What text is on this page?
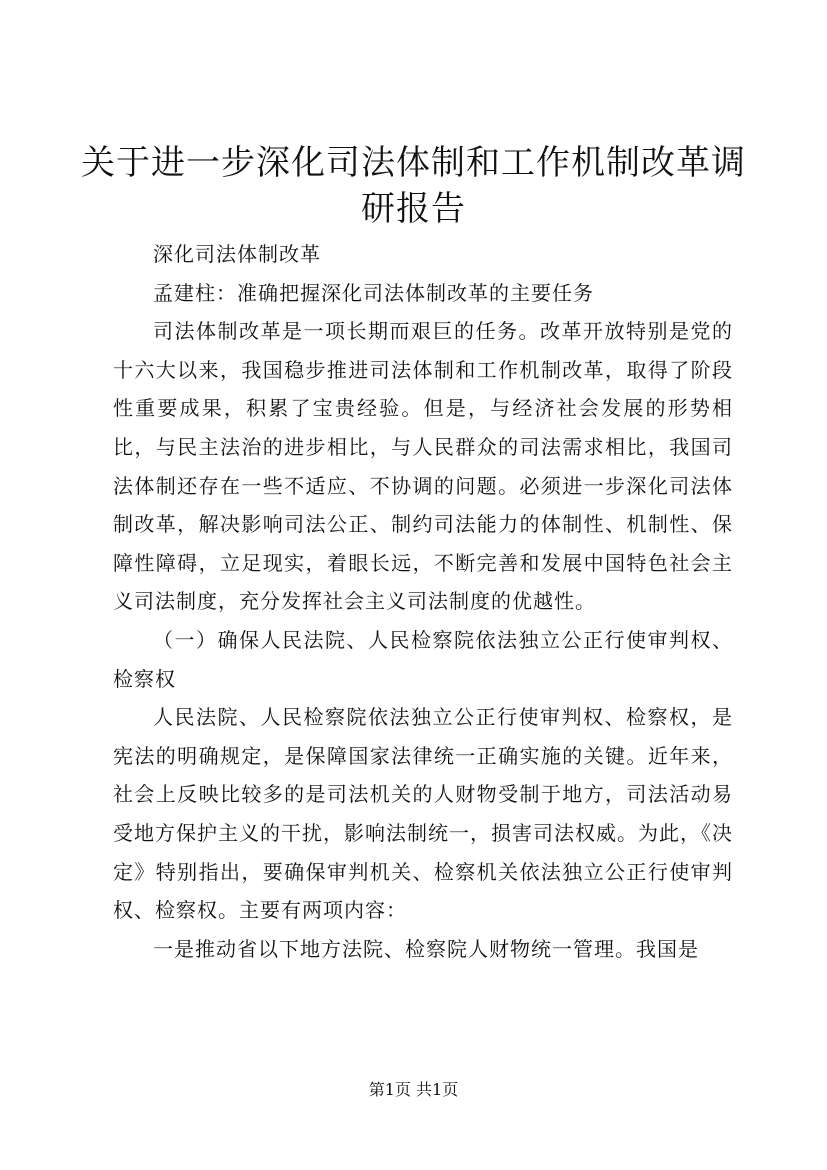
关于进一步深化司法体制和工作机制改革调研报告

深化司法体制改革

孟建柱：准确把握深化司法体制改革的主要任务

司法体制改革是一项长期而艰巨的任务。改革开放特别是党的十六大以来，我国稳步推进司法体制和工作机制改革，取得了阶段性重要成果，积累了宝贵经验。但是，与经济社会发展的形势相比，与民主法治的进步相比，与人民群众的司法需求相比，我国司法体制还存在一些不适应、不协调的问题。必须进一步深化司法体制改革，解决影响司法公正、制约司法能力的体制性、机制性、保障性障碍，立足现实，着眼长远，不断完善和发展中国特色社会主义司法制度，充分发挥社会主义司法制度的优越性。

（一）确保人民法院、人民检察院依法独立公正行使审判权、检察权

人民法院、人民检察院依法独立公正行使审判权、检察权，是宪法的明确规定，是保障国家法律统一正确实施的关键。近年来，社会上反映比较多的是司法机关的人财物受制于地方，司法活动易受地方保护主义的干扰，影响法制统一，损害司法权威。为此，《决定》特别指出，要确保审判机关、检察机关依法独立公正行使审判权、检察权。主要有两项内容：

一是推动省以下地方法院、检察院人财物统一管理。我国是

第1页 共1页
